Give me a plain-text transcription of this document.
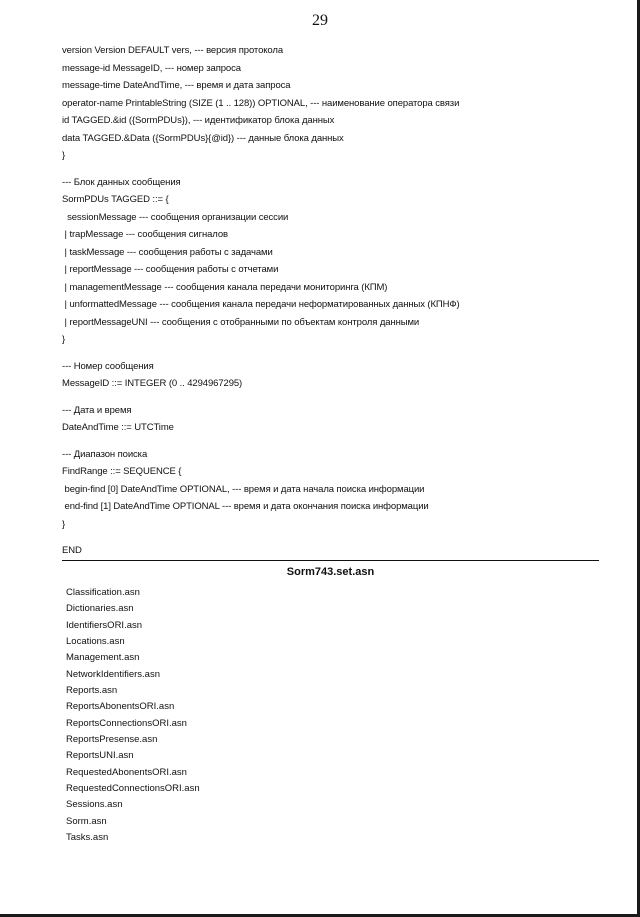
29
version Version DEFAULT vers, --- версия протокола
message-id MessageID, --- номер запроса
message-time DateAndTime, --- время и дата запроса
operator-name PrintableString (SIZE (1 .. 128)) OPTIONAL, --- наименование оператора связи
id TAGGED.&id ({SormPDUs}), --- идентификатор блока данных
data TAGGED.&Data ({SormPDUs}{@id}) --- данные блока данных
}
--- Блок данных сообщения
SormPDUs TAGGED ::= {
sessionMessage --- сообщения организации сессии
| trapMessage --- сообщения сигналов
| taskMessage --- сообщения работы с задачами
| reportMessage --- сообщения работы с отчетами
| managementMessage --- сообщения канала передачи мониторинга (КПМ)
| unformattedMessage --- сообщения канала передачи неформатированных данных (КПНФ)
| reportMessageUNI --- сообщения с отобранными по объектам контроля данными
}
--- Номер сообщения
MessageID ::= INTEGER (0 .. 4294967295)
--- Дата и время
DateAndTime ::= UTCTime
--- Диапазон поиска
FindRange ::= SEQUENCE {
begin-find [0] DateAndTime OPTIONAL, --- время и дата начала поиска информации
end-find [1] DateAndTime OPTIONAL --- время и дата окончания поиска информации
}
END
Sorm743.set.asn
Classification.asn
Dictionaries.asn
IdentifiersORI.asn
Locations.asn
Management.asn
NetworkIdentifiers.asn
Reports.asn
ReportsAbonentsORI.asn
ReportsConnectionsORI.asn
ReportsPresense.asn
ReportsUNI.asn
RequestedAbonentsORI.asn
RequestedConnectionsORI.asn
Sessions.asn
Sorm.asn
Tasks.asn
